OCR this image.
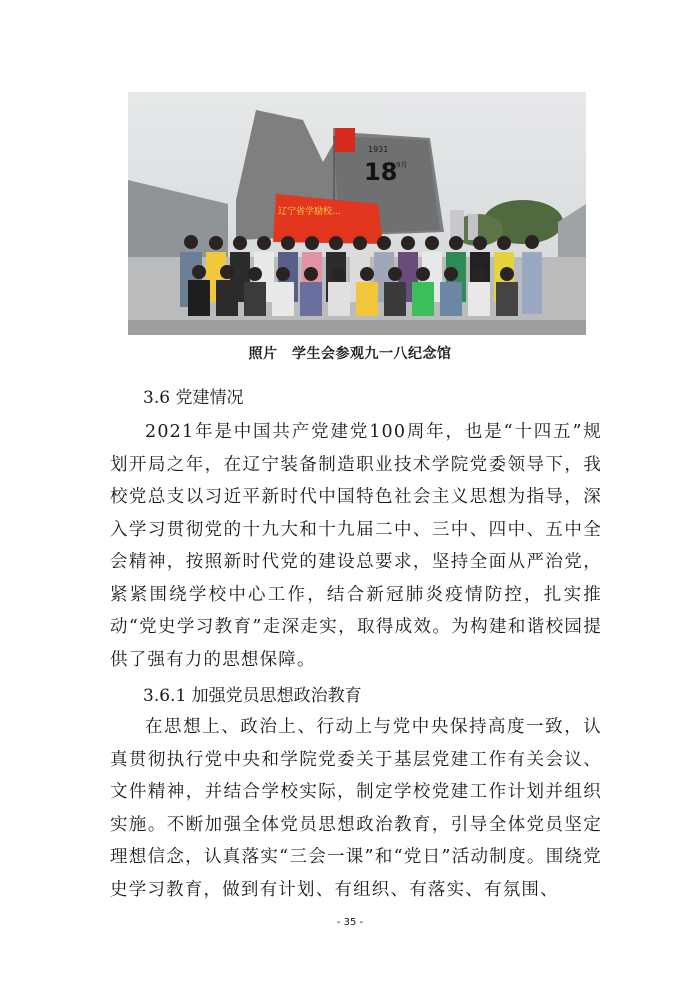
1931
18
9月
辽宁省学励校...
照片　学生会参观九一八纪念馆
3.6 党建情况

2021年是中国共产党建党100周年，也是“十四五”规划开局之年，在辽宁装备制造职业技术学院党委领导下，我校党总支以习近平新时代中国特色社会主义思想为指导，深入学习贯彻党的十九大和十九届二中、三中、四中、五中全会精神，按照新时代党的建设总要求，坚持全面从严治党，紧紧围绕学校中心工作，结合新冠肺炎疫情防控，扎实推动“党史学习教育”走深走实，取得成效。为构建和谐校园提供了强有力的思想保障。

3.6.1 加强党员思想政治教育

在思想上、政治上、行动上与党中央保持高度一致，认真贯彻执行党中央和学院党委关于基层党建工作有关会议、文件精神，并结合学校实际，制定学校党建工作计划并组织实施。不断加强全体党员思想政治教育，引导全体党员坚定理想信念，认真落实“三会一课”和“党日”活动制度。围绕党史学习教育，做到有计划、有组织、有落实、有氛围、

- 35 -
